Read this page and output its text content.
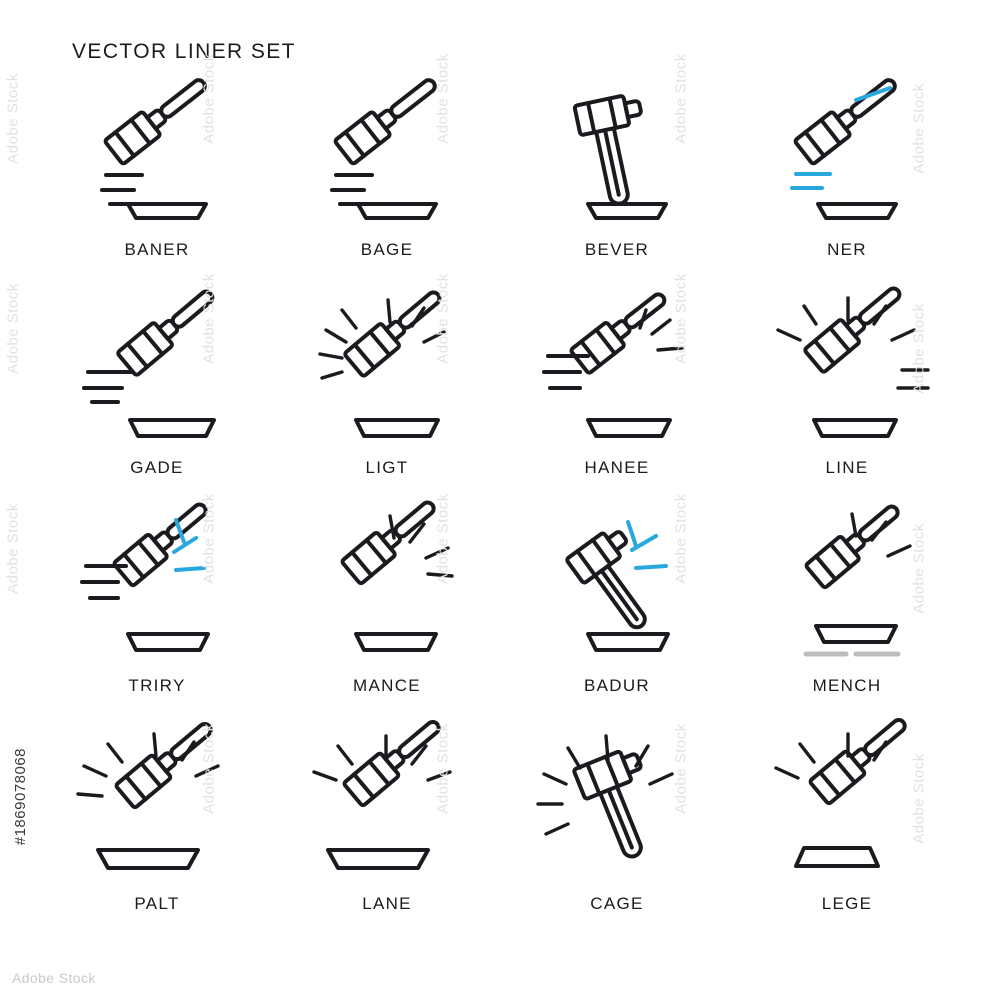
VECTOR LINER SET
BANER	BAGE	BEVER	NER
GADE	LIGT	HANEE	LINE
TRIRY	MANCE	BADUR	MENCH
PALT	LANE	CAGE	LEGE
Adobe Stock
Adobe Stock
Adobe Stock
Adobe Stock
Adobe Stock
Adobe Stock
Adobe Stock
Adobe Stock
Adobe Stock
Adobe Stock
Adobe Stock
Adobe Stock
Adobe Stock
Adobe Stock
Adobe Stock
Adobe Stock
Adobe Stock
Adobe Stock
Adobe Stock
#1869078068
Adobe Stock
